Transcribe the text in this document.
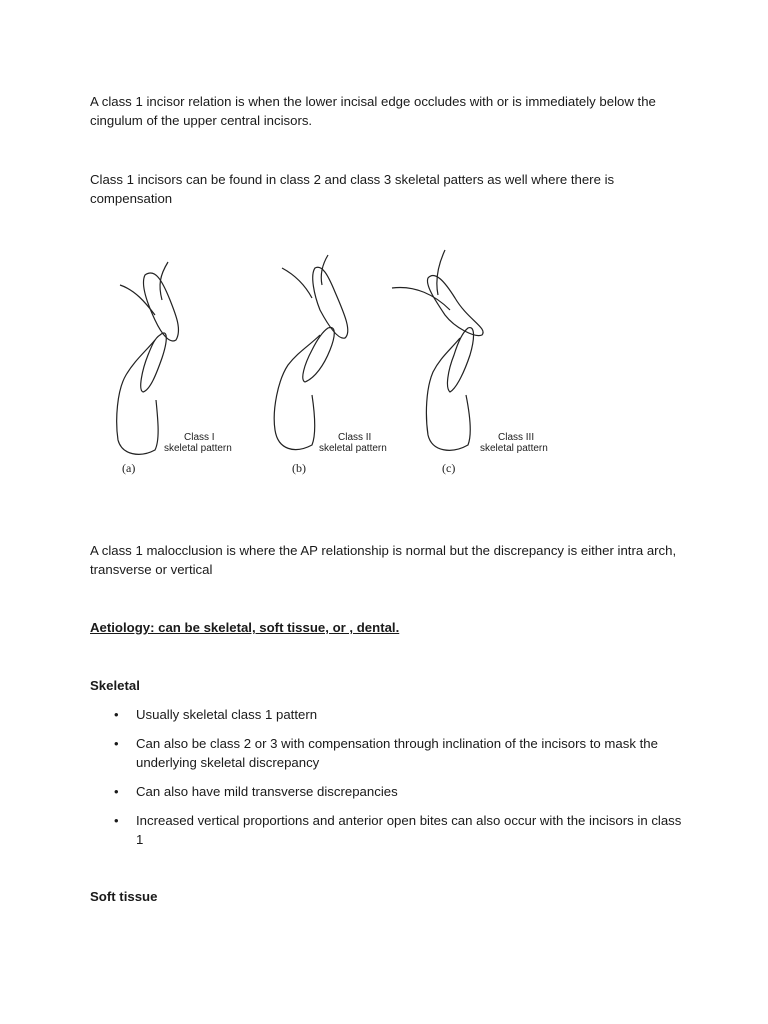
A class 1 incisor relation is when the lower incisal edge occludes with or is immediately below the cingulum of the upper central incisors.

Class 1 incisors can be found in class 2 and class 3 skeletal patters as well where there is compensation

Class I
skeletal pattern
(a)
Class II
skeletal pattern
(b)
Class III
skeletal pattern
(c)

A class 1 malocclusion is where the AP relationship is normal but the discrepancy is either intra arch, transverse or vertical

Aetiology: can be skeletal, soft tissue, or , dental.

Skeletal

• Usually skeletal class 1 pattern
• Can also be class 2 or 3 with compensation through inclination of the incisors to mask the underlying skeletal discrepancy
• Can also have mild transverse discrepancies
• Increased vertical proportions and anterior open bites can also occur with the incisors in class 1

Soft tissue
